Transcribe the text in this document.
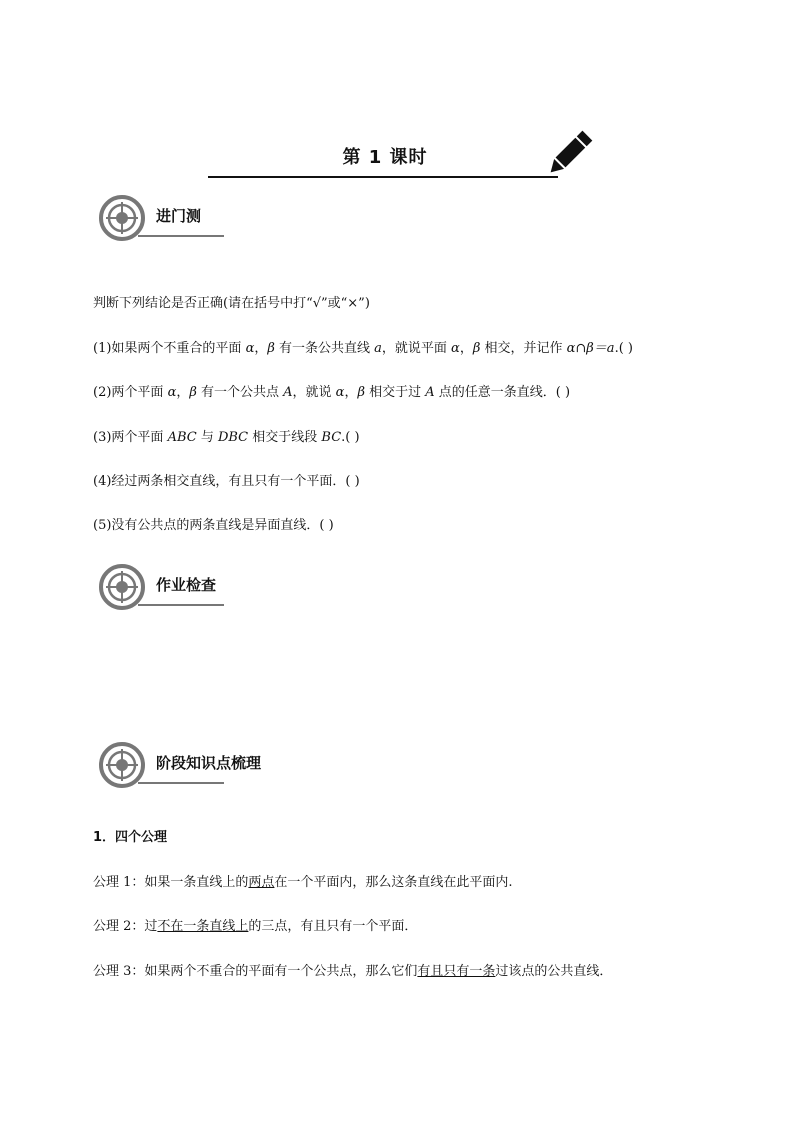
第 1 课时
进门测
判断下列结论是否正确(请在括号中打“√”或“×”)
(1)如果两个不重合的平面 α，β 有一条公共直线 a，就说平面 α，β 相交，并记作 α∩β＝a.( )
(2)两个平面 α，β 有一个公共点 A，就说 α，β 相交于过 A 点的任意一条直线．( )
(3)两个平面 ABC 与 DBC 相交于线段 BC.( )
(4)经过两条相交直线，有且只有一个平面．( )
(5)没有公共点的两条直线是异面直线．( )
作业检查
阶段知识点梳理
1．四个公理
公理 1：如果一条直线上的两点在一个平面内，那么这条直线在此平面内.
公理 2：过不在一条直线上的三点，有且只有一个平面．
公理 3：如果两个不重合的平面有一个公共点，那么它们有且只有一条过该点的公共直线．
